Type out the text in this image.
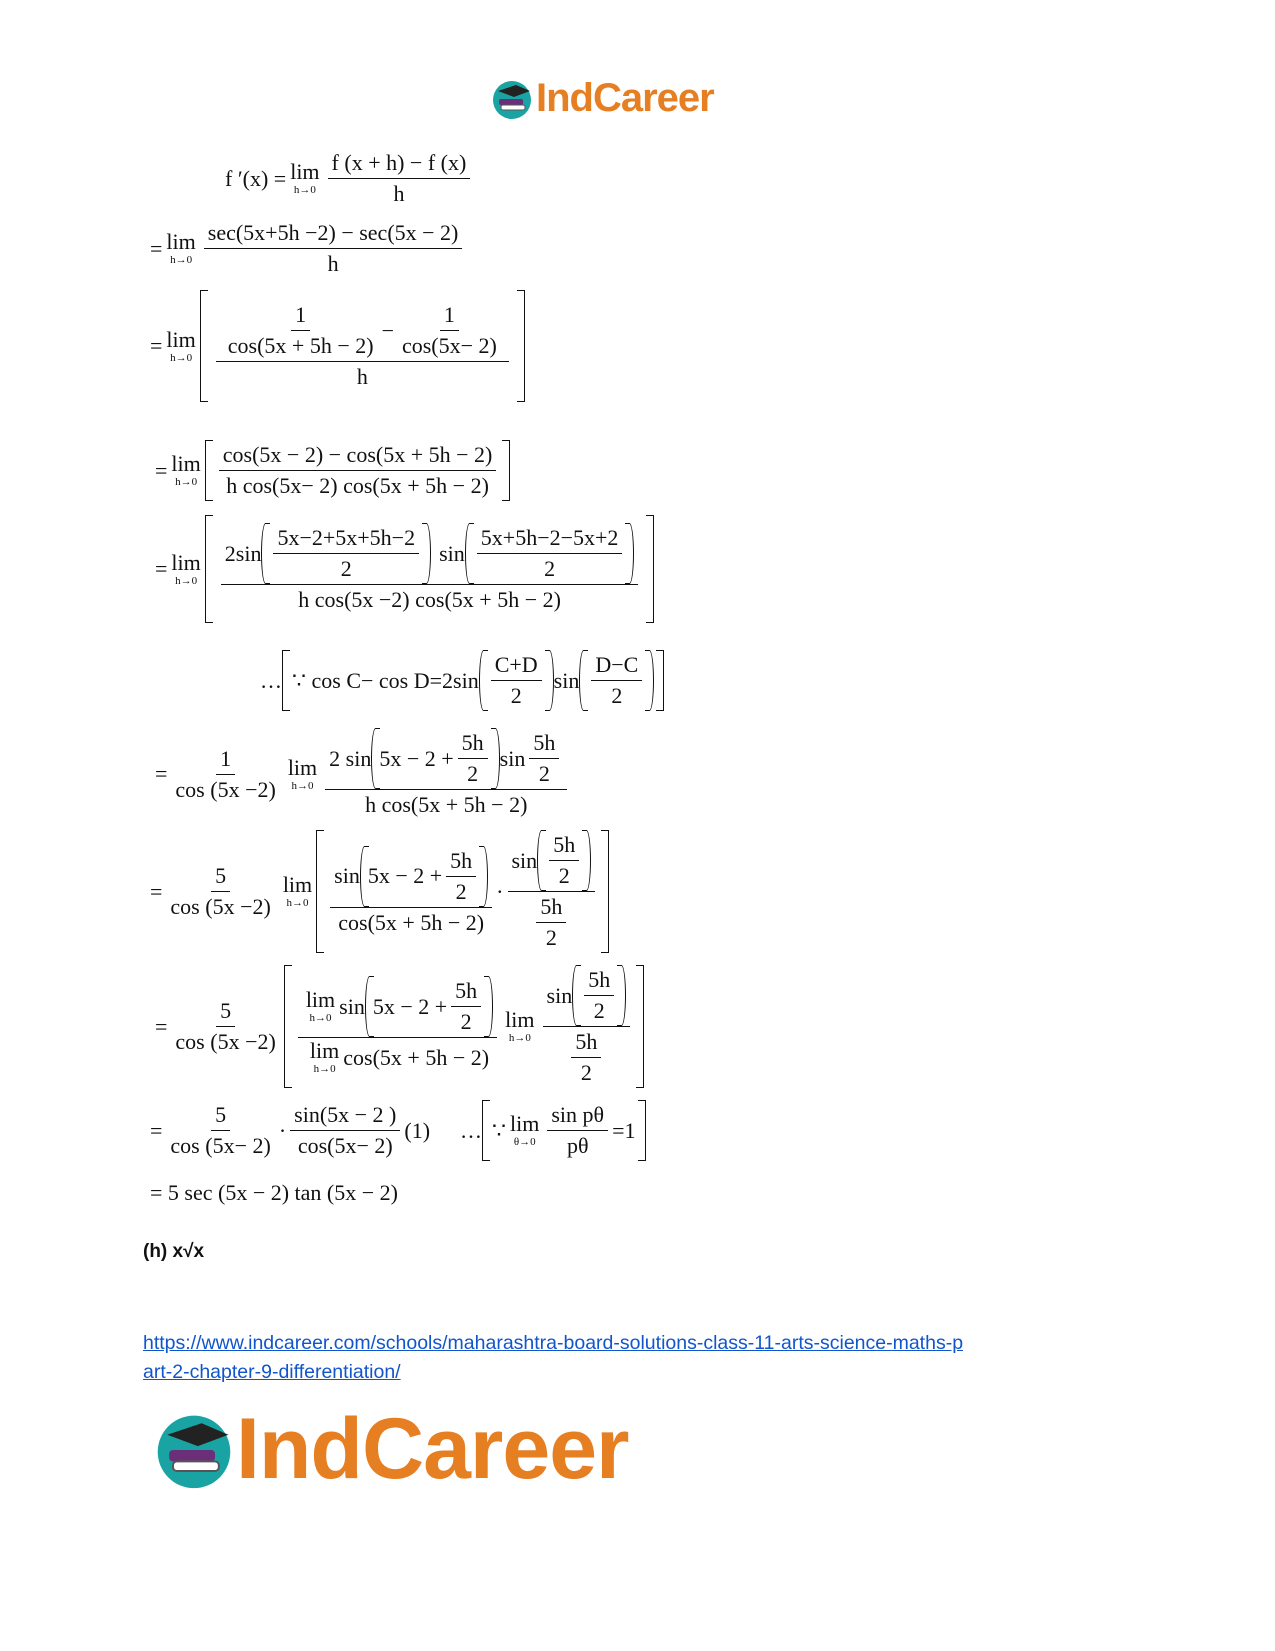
IndCareer
f ′(x) = lim
$h\to 0 \frac{f (x + h) - f (x)}{h}$
= lim
$h\to 0 \frac{\sec(5x+5h -2) - \sec(5x - 2)}{h}$
= lim
$h\to 0 \frac{\frac{1}{\cos(5x + 5h - 2)} - \frac{1}{\cos(5x- 2)}}{h}$
= lim
$h\to 0 \frac{\cos(5x - 2) - \cos(5x + 5h - 2)}{\text{h cos(5x− 2) cos(5x + 5h − 2)}}$
= lim
h→0
$2\sin \frac{5x-2+5x+5h-2}{2}$ $\sin \frac{5x+5h-2-5x+2}{2}$
h cos(5x −2) cos(5x + 5h − 2)
… ∵ $\cos C- \cos D=2\sin \frac{C+D}{2}$ $\sin \frac{D-C}{2}$
= $\frac{1}{\cos (5x -2)}$ lim
$h\to 0 \frac{2 \sin 5x - 2 + \frac{5h}{2} \sin \frac{5h}{2}}{\text{h cos(5x + 5h − 2)}}$
= $\frac{5}{\cos (5x -2)}$ lim
$h\to 0 \frac{\sin 5x - 2 + \frac{5h}{2}}{\cos(5x + 5h - 2)} \cdot \frac{\sin \frac{5h}{2}}{\frac{5h}{2}}$
= $\frac{5}{\cos (5x -2)}$ lim
h→0 $\sin 5x - 2 + \frac{5h}{2}$
lim
h→0 cos(5x + 5h − 2) lim
$h\to 0 \frac{\sin \frac{5h}{2}}{\frac{5h}{2}}$
= $\frac{5}{\cos (5x- 2)} \cdot \frac{\sin(5x - 2 )}{\cos(5x- 2)} (1)$ … ∵ lim
$\theta\to 0 \frac{\text{sin pθ}}{p\theta} =1$
= 5 sec (5x − 2) tan (5x − 2)
(h) x√x
https://www.indcareer.com/schools/maharashtra-board-solutions-class-11-arts-science-maths-p
art-2-chapter-9-differentiation/
IndCareer
